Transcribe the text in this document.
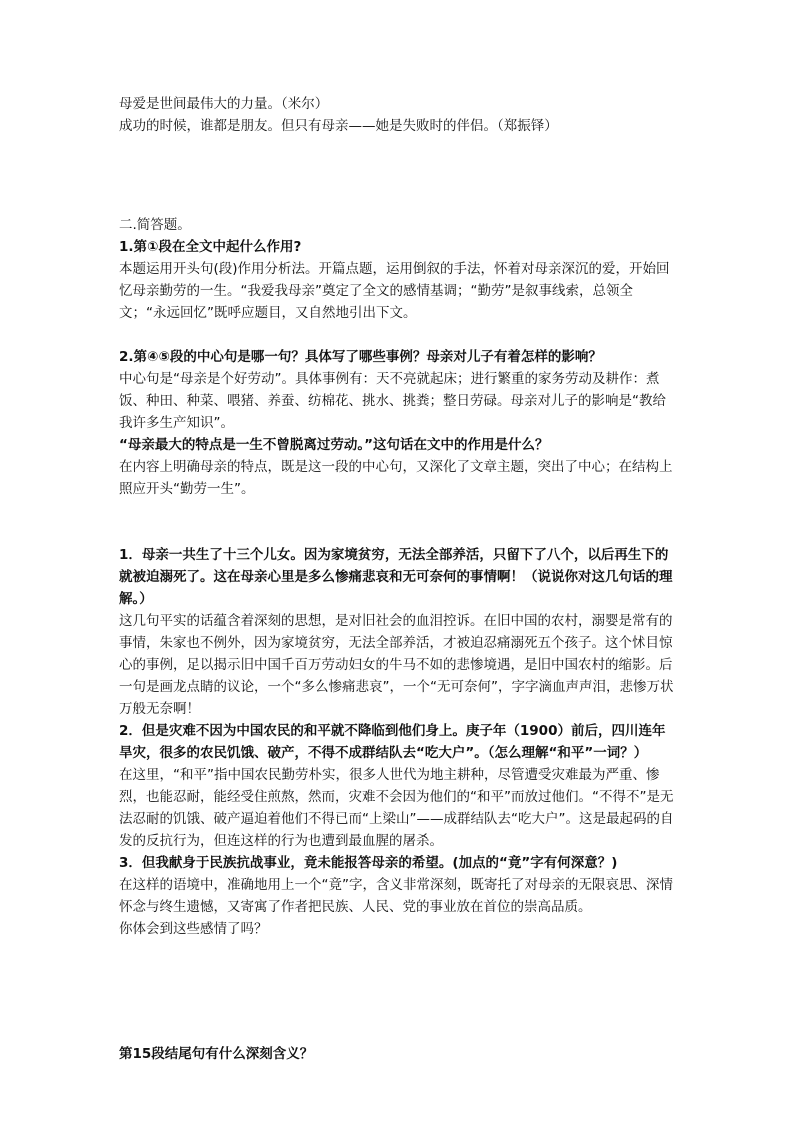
母爱是世间最伟大的力量。（米尔）

成功的时候，谁都是朋友。但只有母亲——她是失败时的伴侣。（郑振铎）

二.简答题。

1.第①段在全文中起什么作用?

本题运用开头句(段)作用分析法。开篇点题，运用倒叙的手法，怀着对母亲深沉的爱，开始回忆母亲勤劳的一生。“我爱我母亲”奠定了全文的感情基调；“勤劳”是叙事线索，总领全文；“永远回忆”既呼应题目，又自然地引出下文。

2.第④⑤段的中心句是哪一句？具体写了哪些事例？母亲对儿子有着怎样的影响？

中心句是“母亲是个好劳动”。具体事例有：天不亮就起床；进行繁重的家务劳动及耕作：煮饭、种田、种菜、喂猪、养蚕、纺棉花、挑水、挑粪；整日劳碌。母亲对儿子的影响是“教给我许多生产知识”。

“母亲最大的特点是一生不曾脱离过劳动。”这句话在文中的作用是什么？

在内容上明确母亲的特点，既是这一段的中心句，又深化了文章主题，突出了中心；在结构上照应开头“勤劳一生”。

1．母亲一共生了十三个儿女。因为家境贫穷，无法全部养活，只留下了八个，以后再生下的就被迫溺死了。这在母亲心里是多么惨痛悲哀和无可奈何的事情啊！（说说你对这几句话的理解。）

这几句平实的话蕴含着深刻的思想，是对旧社会的血泪控诉。在旧中国的农村，溺婴是常有的事情，朱家也不例外，因为家境贫穷，无法全部养活，才被迫忍痛溺死五个孩子。这个怵目惊心的事例，足以揭示旧中国千百万劳动妇女的牛马不如的悲惨境遇，是旧中国农村的缩影。后一句是画龙点睛的议论，一个“多么惨痛悲哀”，一个“无可奈何”，字字滴血声声泪，悲惨万状万般无奈啊！

2．但是灾难不因为中国农民的和平就不降临到他们身上。庚子年（1900）前后，四川连年旱灾，很多的农民饥饿、破产，不得不成群结队去“吃大户”。（怎么理解“和平”一词？）

在这里，“和平”指中国农民勤劳朴实，很多人世代为地主耕种，尽管遭受灾难最为严重、惨烈，也能忍耐，能经受住煎熬，然而，灾难不会因为他们的“和平”而放过他们。“不得不”是无法忍耐的饥饿、破产逼迫着他们不得已而“上梁山”——成群结队去“吃大户”。这是最起码的自发的反抗行为，但连这样的行为也遭到最血腥的屠杀。

3．但我献身于民族抗战事业，竟未能报答母亲的希望。(加点的“竟”字有何深意？)

在这样的语境中，准确地用上一个“竟”字，含义非常深刻，既寄托了对母亲的无限哀思、深情怀念与终生遗憾，又寄寓了作者把民族、人民、党的事业放在首位的崇高品质。

你体会到这些感情了吗？

第15段结尾句有什么深刻含义？
